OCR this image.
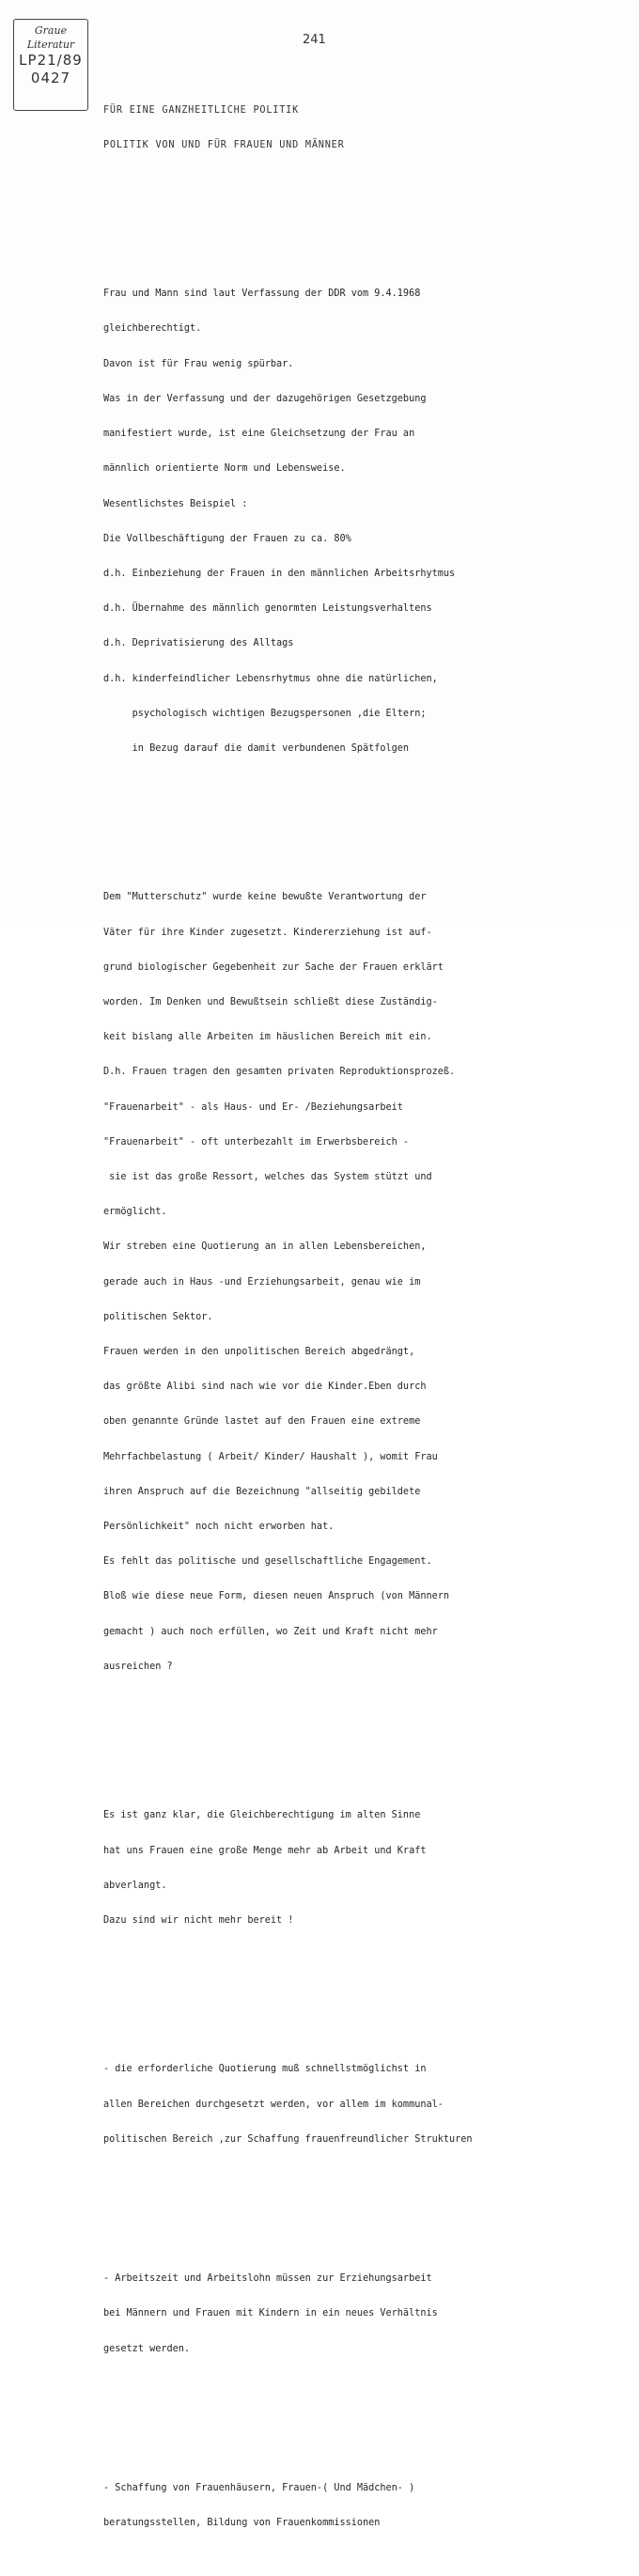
Graue
Literatur
LP21/89
0427
241

FÜR EINE GANZHEITLICHE POLITIK

POLITIK VON UND FÜR FRAUEN UND MÄNNER

Frau und Mann sind laut Verfassung der DDR vom 9.4.1968

gleichberechtigt.

Davon ist für Frau wenig spürbar.

Was in der Verfassung und der dazugehörigen Gesetzgebung

manifestiert wurde, ist eine Gleichsetzung der Frau an

männlich orientierte Norm und Lebensweise.

Wesentlichstes Beispiel :

Die Vollbeschäftigung der Frauen zu ca. 80%

d.h. Einbeziehung der Frauen in den männlichen Arbeitsrhytmus

d.h. Übernahme des männlich genormten Leistungsverhaltens

d.h. Deprivatisierung des Alltags

d.h. kinderfeindlicher Lebensrhytmus ohne die natürlichen,

psychologisch wichtigen Bezugspersonen ,die Eltern;

in Bezug darauf die damit verbundenen Spätfolgen

Dem "Mutterschutz" wurde keine bewußte Verantwortung der

Väter für ihre Kinder zugesetzt. Kindererziehung ist auf-

grund biologischer Gegebenheit zur Sache der Frauen erklärt

worden. Im Denken und Bewußtsein schließt diese Zuständig-

keit bislang alle Arbeiten im häuslichen Bereich mit ein.

D.h. Frauen tragen den gesamten privaten Reproduktionsprozeß.

"Frauenarbeit" - als Haus- und Er- /Beziehungsarbeit

"Frauenarbeit" - oft unterbezahlt im Erwerbsbereich -

sie ist das große Ressort, welches das System stützt und

ermöglicht.

Wir streben eine Quotierung an in allen Lebensbereichen,

gerade auch in Haus -und Erziehungsarbeit, genau wie im

politischen Sektor.

Frauen werden in den unpolitischen Bereich abgedrängt,

das größte Alibi sind nach wie vor die Kinder.Eben durch

oben genannte Gründe lastet auf den Frauen eine extreme

Mehrfachbelastung ( Arbeit/ Kinder/ Haushalt ), womit Frau

ihren Anspruch auf die Bezeichnung "allseitig gebildete

Persönlichkeit" noch nicht erworben hat.

Es fehlt das politische und gesellschaftliche Engagement.

Bloß wie diese neue Form, diesen neuen Anspruch (von Männern

gemacht ) auch noch erfüllen, wo Zeit und Kraft nicht mehr

ausreichen ?

Es ist ganz klar, die Gleichberechtigung im alten Sinne

hat uns Frauen eine große Menge mehr ab Arbeit und Kraft

abverlangt.

Dazu sind wir nicht mehr bereit !

- die erforderliche Quotierung muß schnellstmöglichst in

allen Bereichen durchgesetzt werden, vor allem im kommunal-

politischen Bereich ,zur Schaffung frauenfreundlicher Strukturen

- Arbeitszeit und Arbeitslohn müssen zur Erziehungsarbeit

bei Männern und Frauen mit Kindern in ein neues Verhältnis

gesetzt werden.

- Schaffung von Frauenhäusern, Frauen-( Und Mädchen- )

beratungsstellen, Bildung von Frauenkommissionen
